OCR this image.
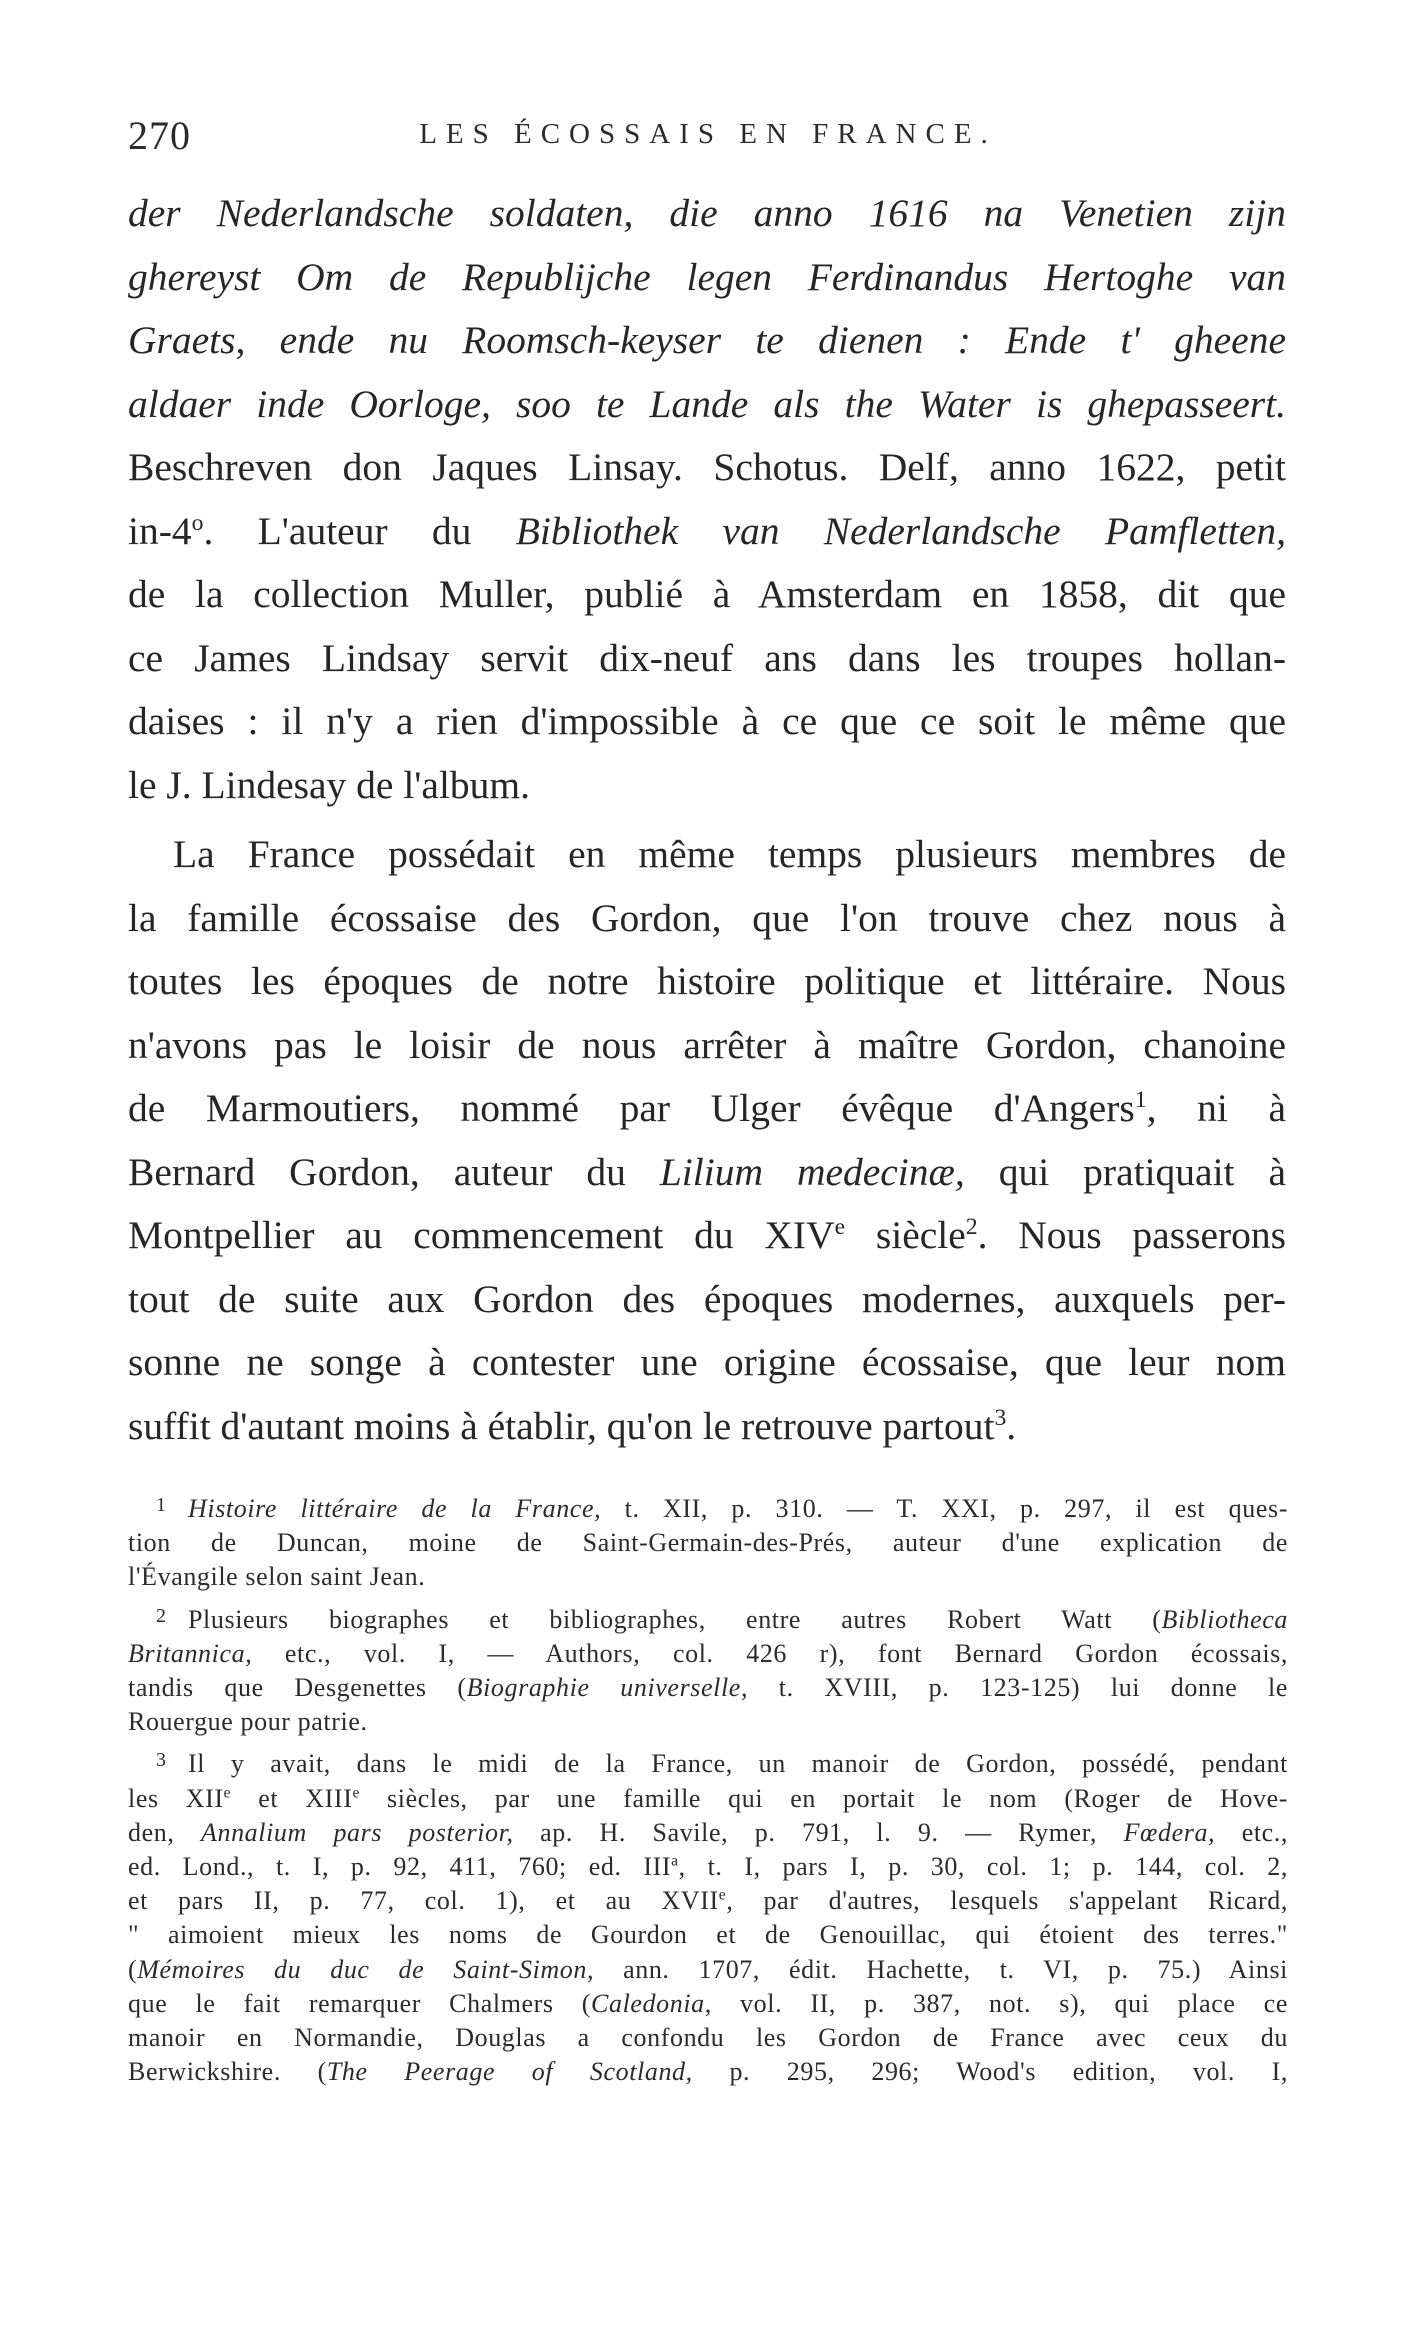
270	LES ÉCOSSAIS EN FRANCE.
der Nederlandsche soldaten, die anno 1616 na Venetien zijn
ghereyst Om de Republijche legen Ferdinandus Hertoghe van
Graets, ende nu Roomsch-keyser te dienen : Ende t' gheene
aldaer inde Oorloge, soo te Lande als the Water is ghepasseert.
Beschreven don Jaques Linsay. Schotus. Delf, anno 1622, petit
in-4$^o$. L'auteur du Bibliothek van Nederlandsche Pamfletten,
de la collection Muller, publié à Amsterdam en 1858, dit que
ce James Lindsay servit dix-neuf ans dans les troupes hollan-
daises : il n'y a rien d'impossible à ce que ce soit le même que
le J. Lindesay de l'album.
La France possédait en même temps plusieurs membres de
la famille écossaise des Gordon, que l'on trouve chez nous à
toutes les époques de notre histoire politique et littéraire. Nous
n'avons pas le loisir de nous arrêter à maître Gordon, chanoine
de Marmoutiers, nommé par Ulger évêque d'Angers$^1$, ni à
Bernard Gordon, auteur du Lilium medecinæ, qui pratiquait à
Montpellier au commencement du XIVe siècle$^2$. Nous passerons
tout de suite aux Gordon des époques modernes, auxquels per-
sonne ne songe à contester une origine écossaise, que leur nom
suffit d'autant moins à établir, qu'on le retrouve partout$^3$.
1 Histoire littéraire de la France, t. XII, p. 310. — T. XXI, p. 297, il est ques-
tion de Duncan, moine de Saint-Germain-des-Prés, auteur d'une explication de
l'Évangile selon saint Jean.
2 Plusieurs biographes et bibliographes, entre autres Robert Watt (Bibliotheca
Britannica, etc., vol. I, — Authors, col. 426 r), font Bernard Gordon écossais,
tandis que Desgenettes (Biographie universelle, t. XVIII, p. 123-125) lui donne le
Rouergue pour patrie.
3 Il y avait, dans le midi de la France, un manoir de Gordon, possédé, pendant
les XIIe et XIIIe siècles, par une famille qui en portait le nom (Roger de Hove-
den, Annalium pars posterior, ap. H. Savile, p. 791, l. 9. — Rymer, Fœdera, etc.,
ed. Lond., t. I, p. 92, 411, 760; ed. III$^a$, t. I, pars I, p. 30, col. 1; p. 144, col. 2,
et pars II, p. 77, col. 1), et au XVIIe, par d'autres, lesquels s'appelant Ricard,
" aimoient mieux les noms de Gourdon et de Genouillac, qui étoient des terres."
(Mémoires du duc de Saint-Simon, ann. 1707, édit. Hachette, t. VI, p. 75.) Ainsi
que le fait remarquer Chalmers (Caledonia, vol. II, p. 387, not. s), qui place ce
manoir en Normandie, Douglas a confondu les Gordon de France avec ceux du
Berwickshire. (The Peerage of Scotland, p. 295, 296; Wood's edition, vol. I,
